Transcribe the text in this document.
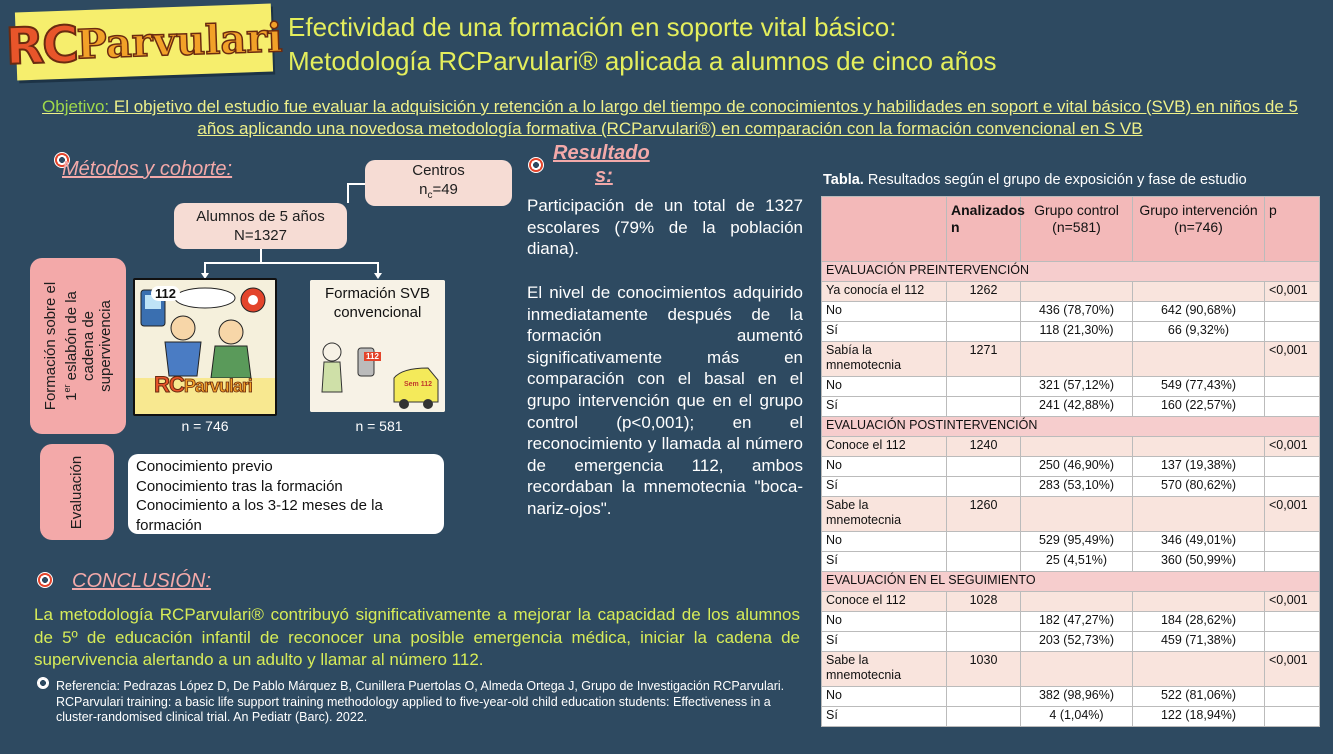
RC
Parvulari Efectividad de una formación en soporte vital básico:
Metodología RCParvulari® aplicada a alumnos de cinco años
Objetivo: El objetivo del estudio fue evaluar la adquisición y retención a lo largo del tiempo de conocimientos y habilidades en soport e vital básico (SVB) en niños de 5 años aplicando una novedosa metodología formativa (RCParvulari®) en comparación con la formación convencional en S VB
Métodos y cohorte:	Centros
$n_c=49$
Alumnos de 5 años
N=1327
Formación sobre el 1er eslabón de la
cadena de
supervivencia
112
RCParvulari
Formación SVB
convencional
112
Sem 112
n = 746	n = 581
Evaluación	Conocimiento previo
Conocimiento tras la formación
Conocimiento a los 3-12 meses de la formación
Resultado
s:
Participación de un total de 1327 escolares (79% de la población diana).
El nivel de conocimientos adquirido inmediatamente después de la formación aumentó significativamente más en comparación con el basal en el grupo intervención que en el grupo control (p<0,001); en el reconocimiento y llamada al número de emergencia 112, ambos recordaban la mnemotecnia "boca-nariz-ojos".
CONCLUSIÓN:
La metodología RCParvulari® contribuyó significativamente a mejorar la capacidad de los alumnos de 5º de educación infantil de reconocer una posible emergencia médica, iniciar la cadena de supervivencia alertando a un adulto y llamar al número 112.
Referencia: Pedrazas López D, De Pablo Márquez B, Cunillera Puertolas O, Almeda Ortega J, Grupo de Investigación RCParvulari. RCParvulari training: a basic life support training methodology applied to five-year-old child education students: Effectiveness in a cluster-randomised clinical trial. An Pediatr (Barc). 2022.
Tabla. Resultados según el grupo de exposición y fase de estudio
	Analizados n	Grupo control (n=581)	Grupo intervención (n=746)	p
EVALUACIÓN PREINTERVENCIÓN				
Ya conocía el 112	1262			<0,001
No		436 (78,70%)	642 (90,68%)	
Sí		118 (21,30%)	66 (9,32%)	
Sabía la mnemotecnia	1271			<0,001
No		321 (57,12%)	549 (77,43%)	
Sí		241 (42,88%)	160 (22,57%)	
EVALUACIÓN POSTINTERVENCIÓN				
Conoce el 112	1240			<0,001
No		250 (46,90%)	137 (19,38%)	
Sí		283 (53,10%)	570 (80,62%)	
Sabe la mnemotecnia	1260			<0,001
No		529 (95,49%)	346 (49,01%)	
Sí		25 (4,51%)	360 (50,99%)	
EVALUACIÓN EN EL SEGUIMIENTO				
Conoce el 112	1028			<0,001
No		182 (47,27%)	184 (28,62%)	
Sí		203 (52,73%)	459 (71,38%)	
Sabe la mnemotecnia	1030			<0,001
No		382 (98,96%)	522 (81,06%)	
Sí		4 (1,04%)	122 (18,94%)	
